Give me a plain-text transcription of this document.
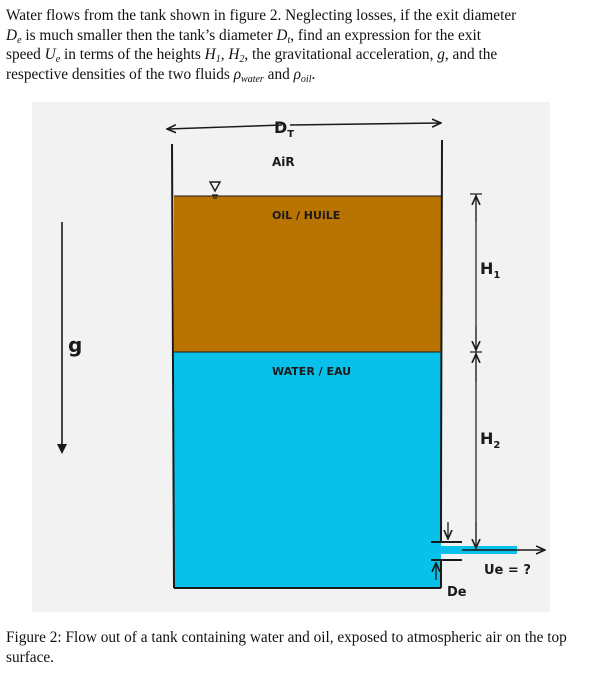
Water flows from the tank shown in figure 2. Neglecting losses, if the exit diameter
$D_e$ is much smaller then the tank’s diameter $D_t$, find an expression for the exit
speed $U_e$ in terms of the heights $H_1$, $H_2$, the gravitational acceleration, g, and the
respective densities of the two fluids $\rho_{water}$ and $\rho_{oil}$.
$D_T$
AiR
OiL / HUiLE
WATER / EAU
Ue = ?
De
$H_1$
$H_2$
g
Figure 2: Flow out of a tank containing water and oil, exposed to atmospheric air on the top surface.
